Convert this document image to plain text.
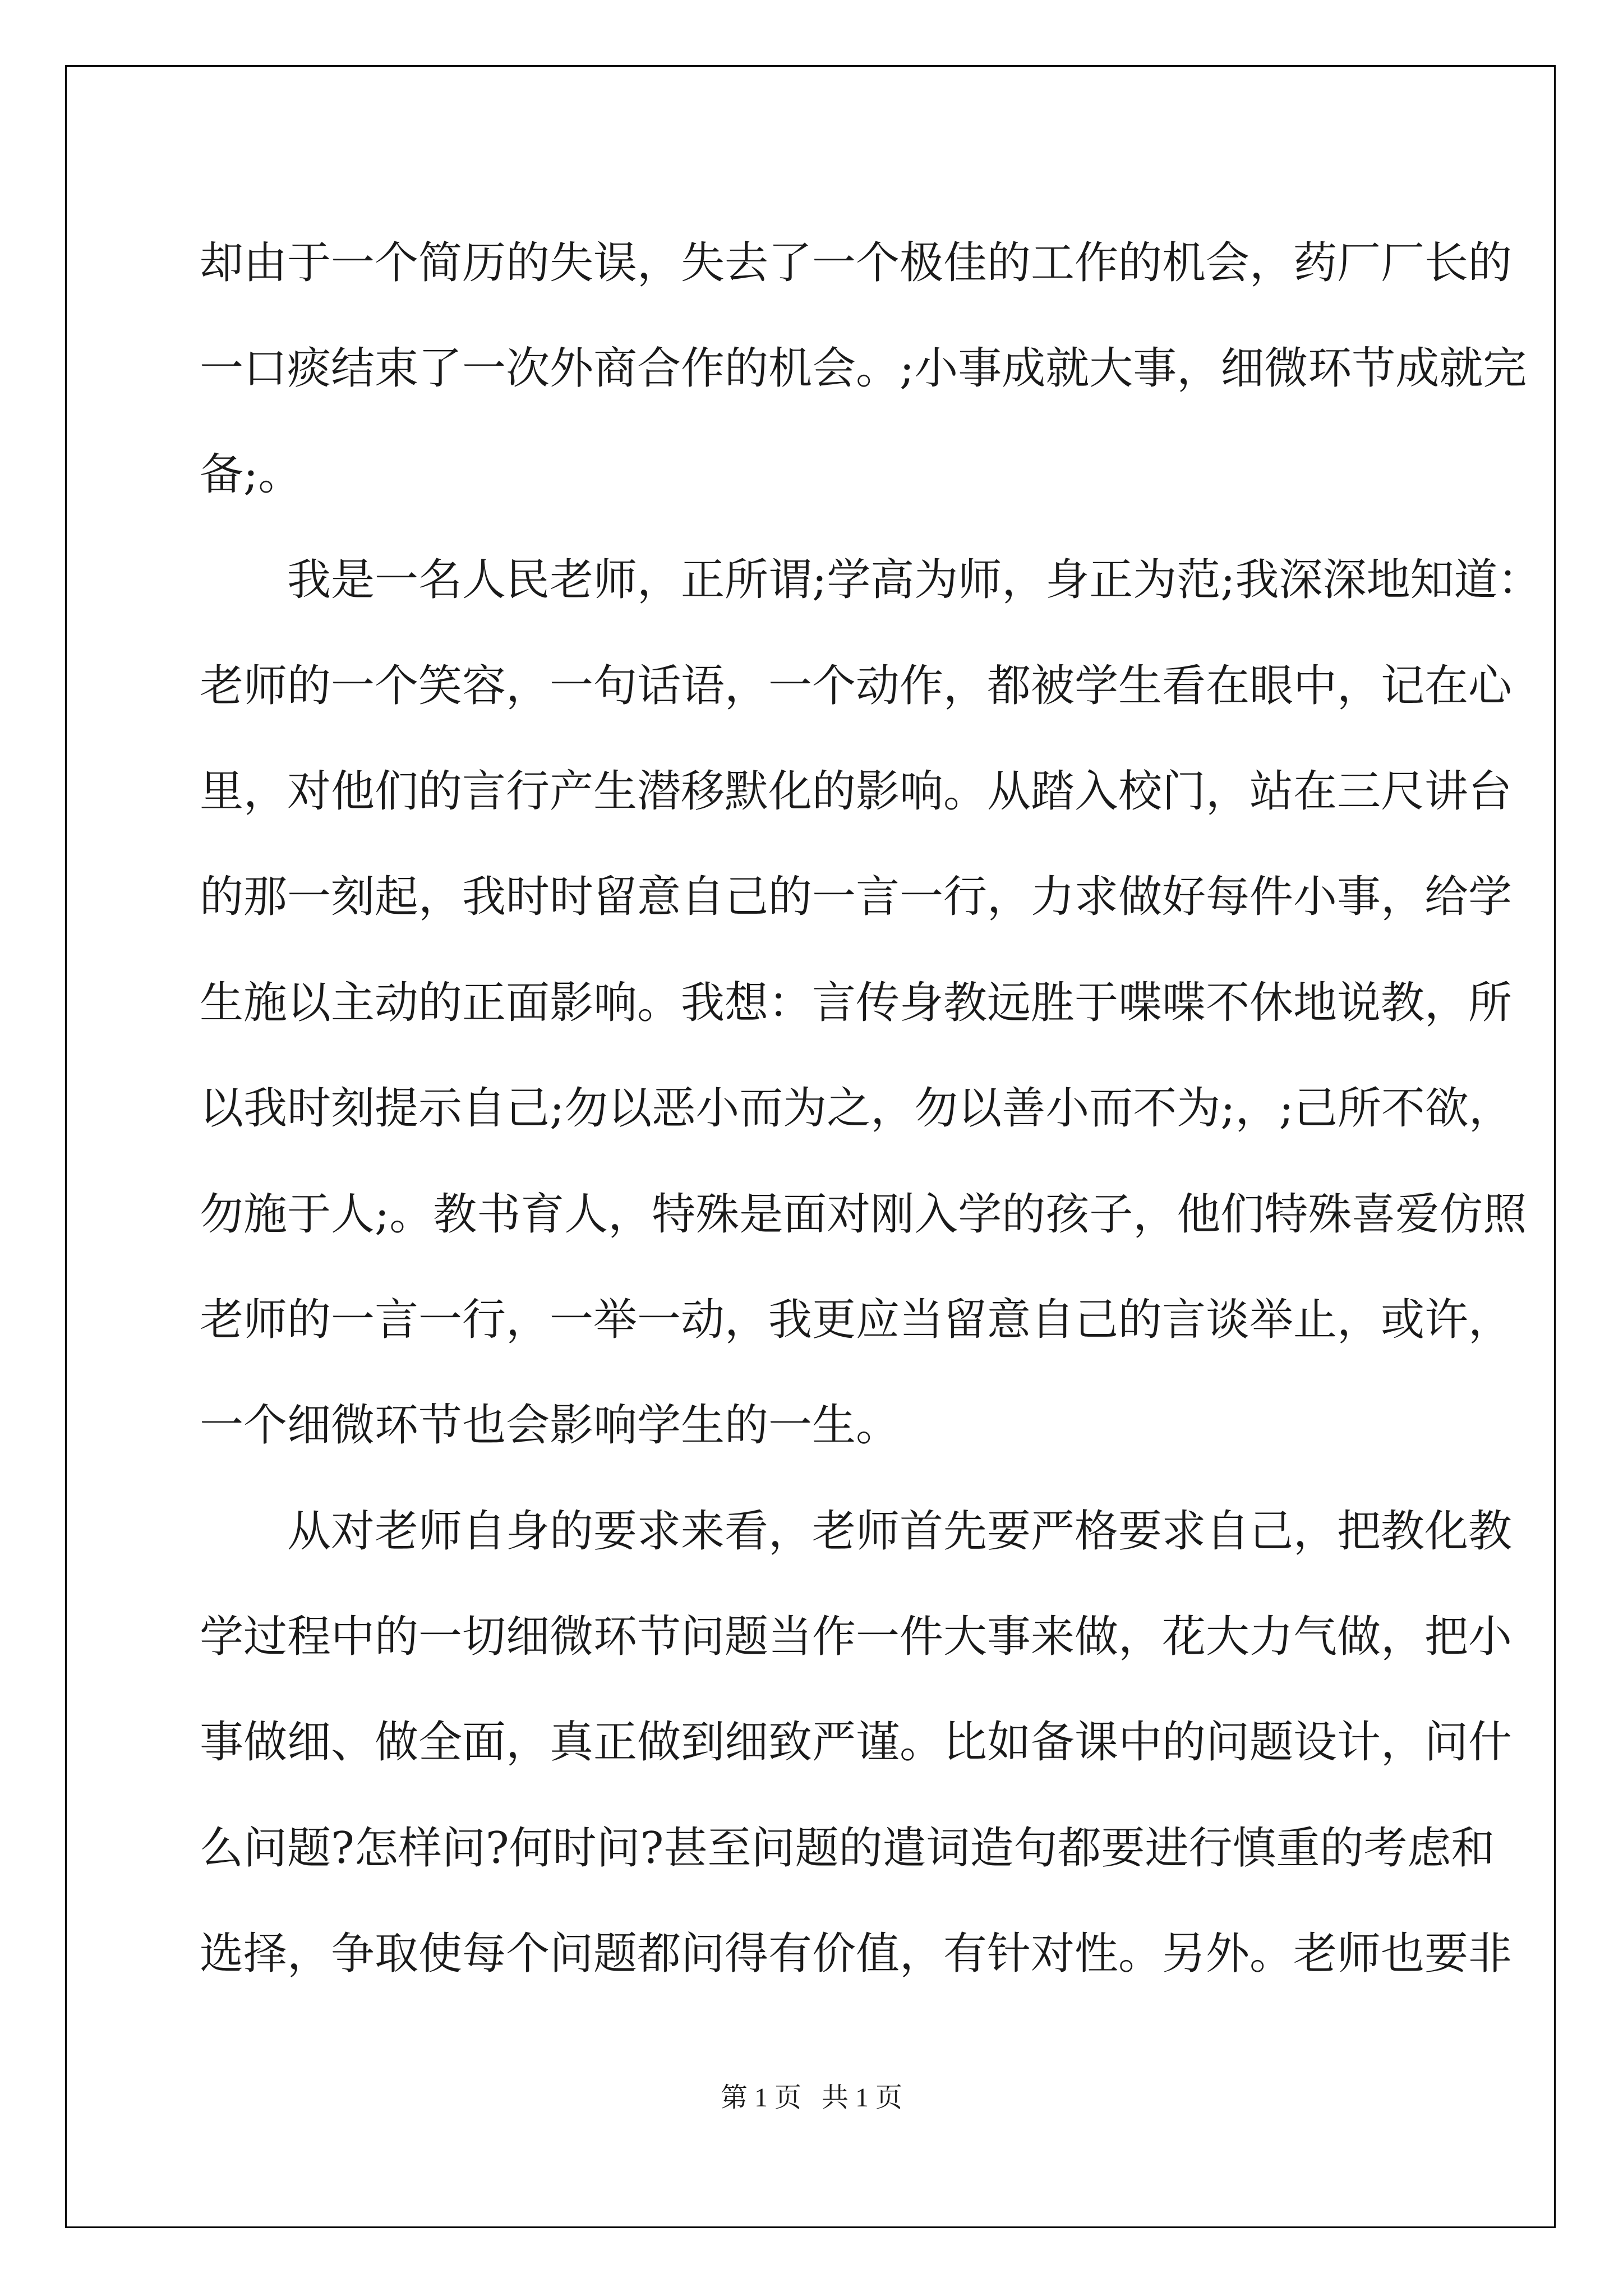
却由于一个简历的失误，失去了一个极佳的工作的机会，药厂厂长的
一口痰结束了一次外商合作的机会。;小事成就大事，细微环节成就完
备;。
我是一名人民老师，正所谓;学高为师，身正为范;我深深地知道：
老师的一个笑容，一句话语，一个动作，都被学生看在眼中，记在心
里，对他们的言行产生潜移默化的影响。从踏入校门，站在三尺讲台
的那一刻起，我时时留意自己的一言一行，力求做好每件小事，给学
生施以主动的正面影响。我想：言传身教远胜于喋喋不休地说教，所
以我时刻提示自己;勿以恶小而为之，勿以善小而不为;，;己所不欲，
勿施于人;。教书育人，特殊是面对刚入学的孩子，他们特殊喜爱仿照
老师的一言一行，一举一动，我更应当留意自己的言谈举止，或许，
一个细微环节也会影响学生的一生。
从对老师自身的要求来看，老师首先要严格要求自己，把教化教
学过程中的一切细微环节问题当作一件大事来做，花大力气做，把小
事做细、做全面，真正做到细致严谨。比如备课中的问题设计，问什
么问题?怎样问?何时问?甚至问题的遣词造句都要进行慎重的考虑和
选择，争取使每个问题都问得有价值，有针对性。另外。老师也要非
第 1 页 共 1 页
